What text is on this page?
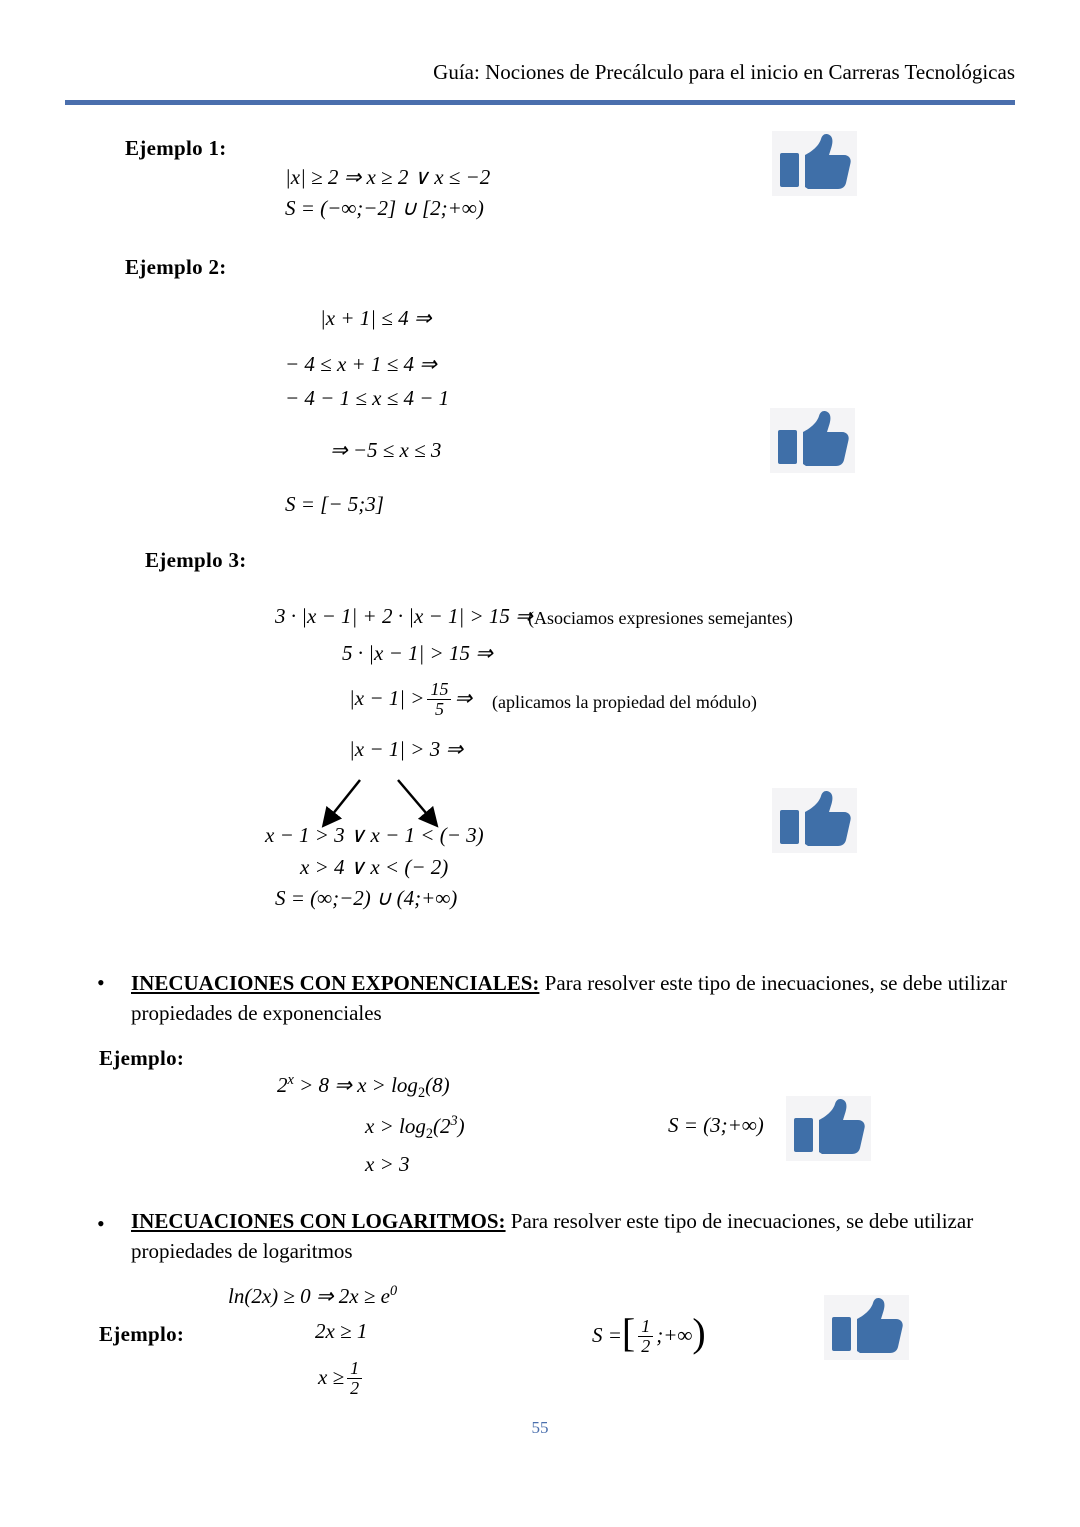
Guía: Nociones de Precálculo para el inicio en Carreras Tecnológicas
Ejemplo 1:
|x| ≥ 2 ⇒ x ≥ 2 ∨ x ≤ −2
S = (−∞;−2] ∪ [2;+∞)
Ejemplo 2:
|x + 1| ≤ 4 ⇒
− 4 ≤ x + 1 ≤ 4 ⇒
− 4 − 1 ≤ x ≤ 4 − 1
⇒ −5 ≤ x ≤ 3
S = [− 5;3]
Ejemplo 3:
3 · |x − 1| + 2 · |x − 1| > 15 ⇒
(Asociamos expresiones semejantes)
5 · |x − 1| > 15 ⇒
$|x - 1| > \frac{15}{5}$ ⇒ (aplicamos la propiedad del módulo)
|x − 1| > 3 ⇒
x − 1 > 3 ∨ x − 1 < (− 3)
x > 4 ∨ x < (− 2)
S = (∞;−2) ∪ (4;+∞)
• INECUACIONES CON EXPONENCIALES: Para resolver este tipo de inecuaciones, se debe utilizar propiedades de exponenciales
Ejemplo:
$2^x > 8$ ⇒ $x > \log_2(8)$
$x > \log_2(2^3)$
x > 3
S = (3;+∞)
• INECUACIONES CON LOGARITMOS: Para resolver este tipo de inecuaciones, se debe utilizar propiedades de logaritmos
ln(2x) ≥ 0 ⇒ $2x \ge e^0$
Ejemplo:	2x ≥ 1
$x \ge \frac{1}{2}$
S =[ $\frac{1}{2}$ ;+∞)
55
